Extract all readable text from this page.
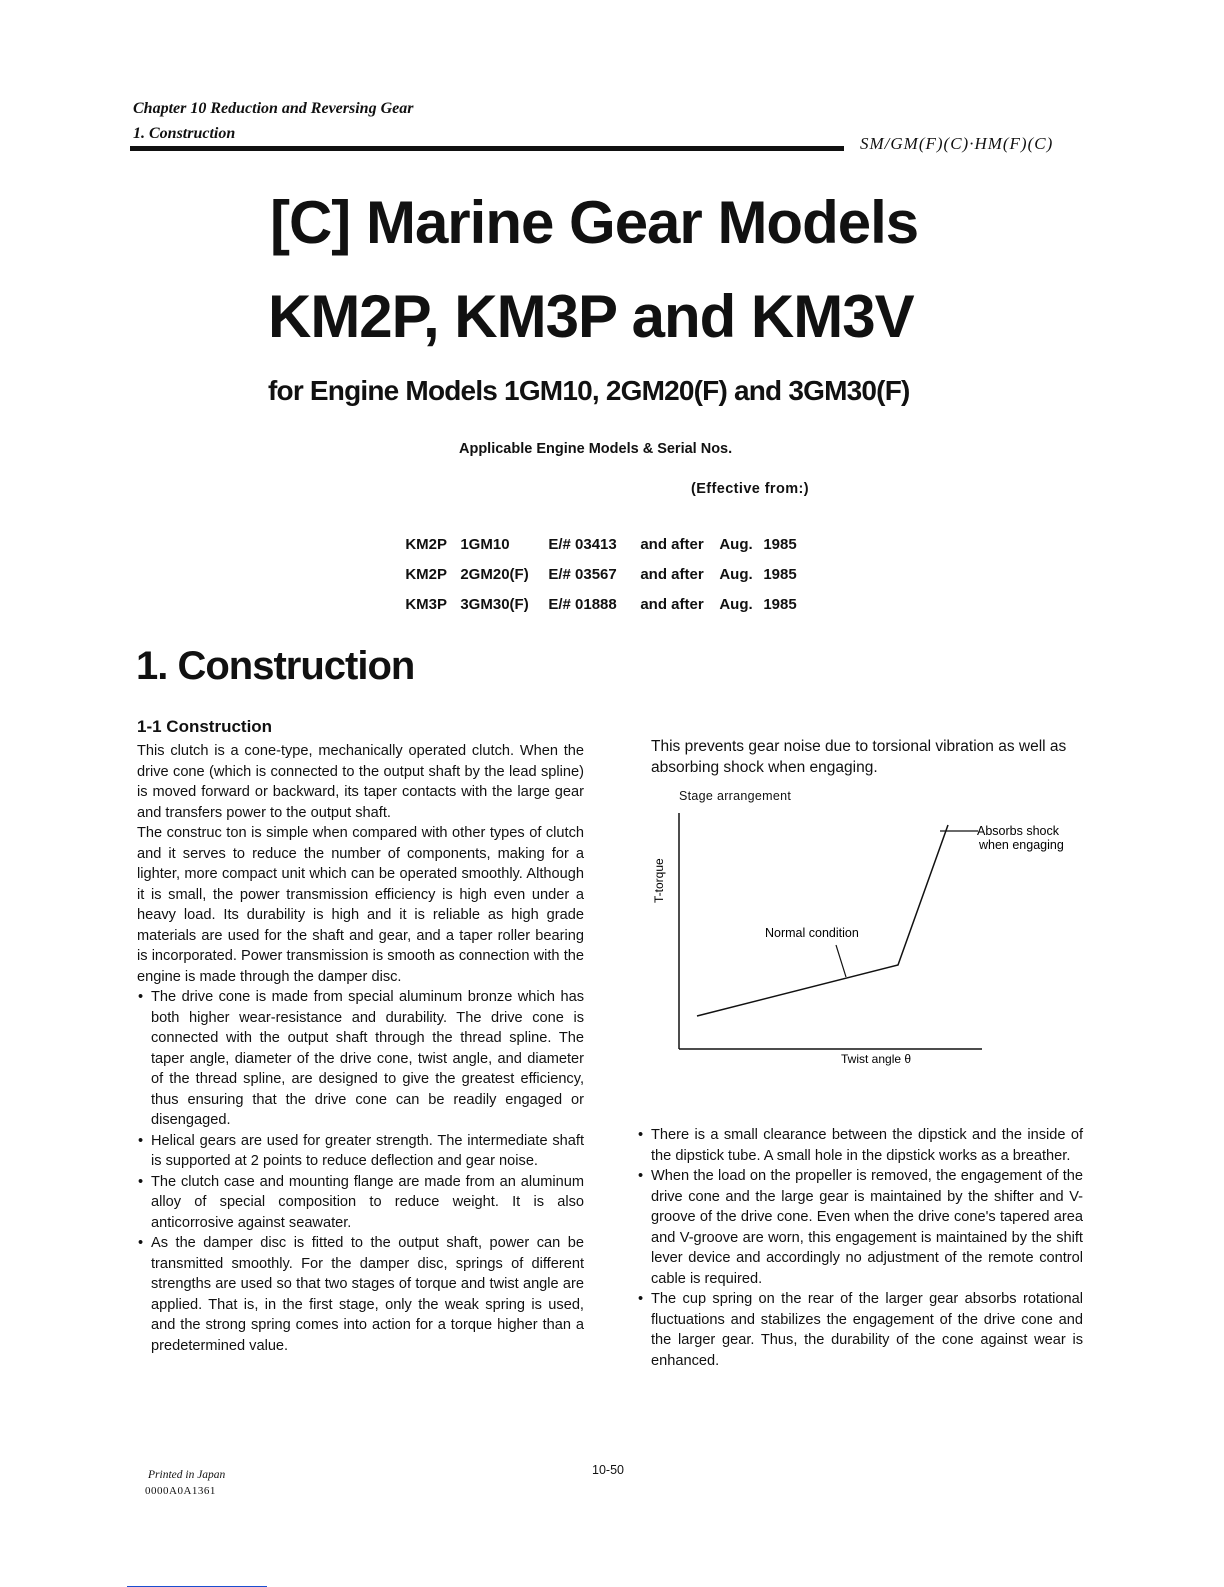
Chapter 10 Reduction and Reversing Gear
1. Construction
SM/GM(F)(C)·HM(F)(C)
[C] Marine Gear Models
KM2P, KM3P and KM3V
for Engine Models 1GM10, 2GM20(F) and 3GM30(F)
Applicable Engine Models & Serial Nos.
(Effective from:)

KM2P 1GM10	E/# 03413 and after Aug. 1985

KM2P 2GM20(F) E/# 03567 and after Aug. 1985

KM3P 3GM30(F) E/# 01888 and after Aug. 1985

1. Construction
1-1 Construction

This clutch is a cone-type, mechanically operated clutch. When the drive cone (which is connected to the output shaft by the lead spline) is moved forward or backward, its taper contacts with the large gear and transfers power to the output shaft.

The construc ton is simple when compared with other types of clutch and it serves to reduce the number of components, making for a lighter, more compact unit which can be operated smoothly. Although it is small, the power transmission efficiency is high even under a heavy load. Its durability is high and it is reliable as high grade materials are used for the shaft and gear, and a taper roller bearing is incorporated. Power transmission is smooth as connection with the engine is made through the damper disc.

• The drive cone is made from special aluminum bronze which has both higher wear-resistance and durability. The drive cone is connected with the output shaft through the thread spline. The taper angle, diameter of the drive cone, twist angle, and diameter of the thread spline, are designed to give the greatest efficiency, thus ensuring that the drive cone can be readily engaged or disengaged.
• Helical gears are used for greater strength. The intermediate shaft is supported at 2 points to reduce deflection and gear noise.
• The clutch case and mounting flange are made from an aluminum alloy of special composition to reduce weight. It is also anticorrosive against seawater.
• As the damper disc is fitted to the output shaft, power can be transmitted smoothly. For the damper disc, springs of different strengths are used so that two stages of torque and twist angle are applied. That is, in the first stage, only the weak spring is used, and the strong spring comes into action for a torque higher than a predetermined value.
This prevents gear noise due to torsional vibration as well as absorbing shock when engaging.
Stage arrangement
T-torque
Twist angle θ
Normal condition
Absorbs shock
when engaging
• There is a small clearance between the dipstick and the inside of the dipstick tube. A small hole in the dipstick works as a breather.
• When the load on the propeller is removed, the engagement of the drive cone and the large gear is maintained by the shifter and V-groove of the drive cone. Even when the drive cone's tapered area and V-groove are worn, this engagement is maintained by the shift lever device and accordingly no adjustment of the remote control cable is required.
• The cup spring on the rear of the larger gear absorbs rotational fluctuations and stabilizes the engagement of the drive cone and the larger gear. Thus, the durability of the cone against wear is enhanced.
Printed in Japan
0000A0A1361
10-50
